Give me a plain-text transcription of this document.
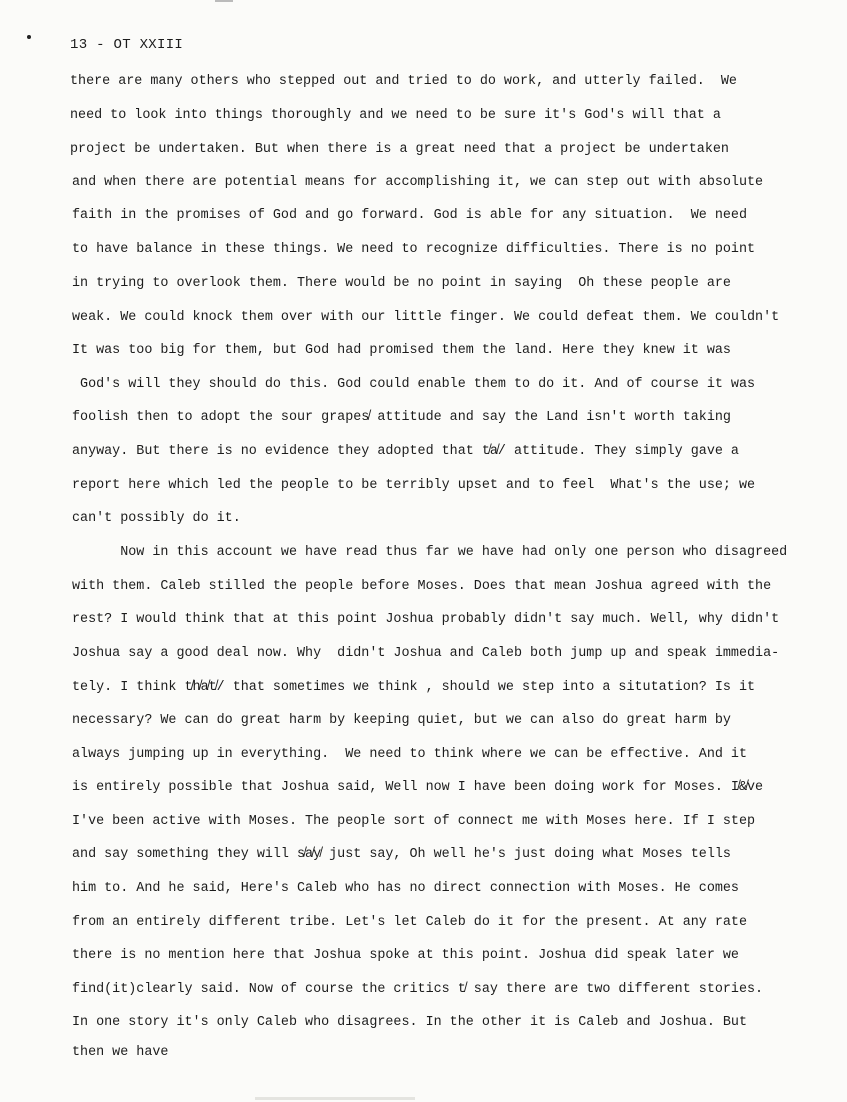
13 - OT XXIII
there are many others who stepped out and tried to do work, and utterly failed.  We
need to look into things thoroughly and we need to be sure it's God's will that a
project be undertaken. But when there is a great need that a project be undertaken
and when there are potential means for accomplishing it, we can step out with absolute
faith in the promises of God and go forward. God is able for any situation.  We need
to have balance in these things. We need to recognize difficulties. There is no point
in trying to overlook them. There would be no point in saying  Oh these people are
weak. We could knock them over with our little finger. We could defeat them. We couldn't
It was too big for them, but God had promised them the land. Here they knew it was
God's will they should do this. God could enable them to do it. And of course it was
foolish then to adopt the sour grapes̸ attitude and say the Land isn't worth taking
anyway. But there is no evidence they adopted that t̸a̸/ attitude. They simply gave a
report here which led the people to be terribly upset and to feel  What's the use; we
can't possibly do it.
Now in this account we have read thus far we have had only one person who disagreed
with them. Caleb stilled the people before Moses. Does that mean Joshua agreed with the
rest? I would think that at this point Joshua probably didn't say much. Well, why didn't
Joshua say a good deal now. Why  didn't Joshua and Caleb both jump up and speak immedia-
tely. I think t̸h̸a̸t̸/ that sometimes we think , should we step into a situtation? Is it
necessary? We can do great harm by keeping quiet, but we can also do great harm by
always jumping up in everything.  We need to think where we can be effective. And it
is entirely possible that Joshua said, Well now I have been doing work for Moses. I̸&̸ve
I've been active with Moses. The people sort of connect me with Moses here. If I step
and say something they will s̸a̸y̸ just say, Oh well he's just doing what Moses tells
him to. And he said, Here's Caleb who has no direct connection with Moses. He comes
from an entirely different tribe. Let's let Caleb do it for the present. At any rate
there is no mention here that Joshua spoke at this point. Joshua did speak later we
find(it)clearly said. Now of course the critics t̸ say there are two different stories.
In one story it's only Caleb who disagrees. In the other it is Caleb and Joshua. But
then we have
